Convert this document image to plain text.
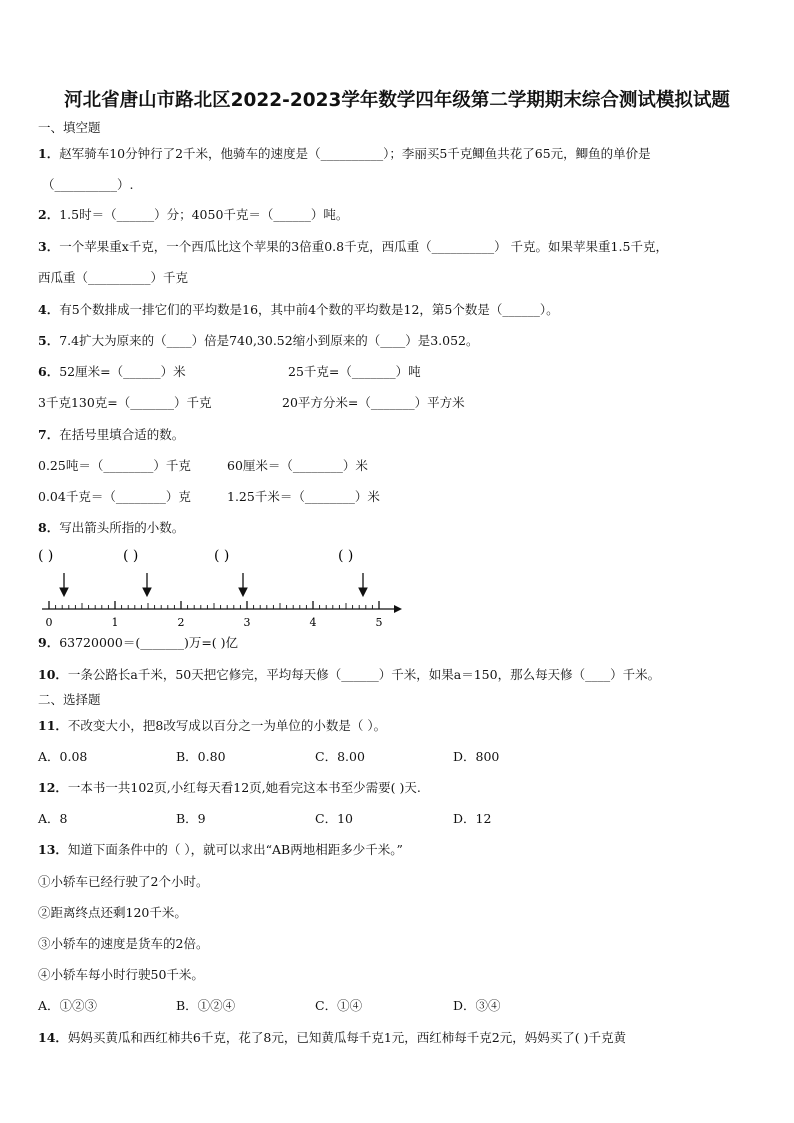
河北省唐山市路北区2022-2023学年数学四年级第二学期期末综合测试模拟试题
一、填空题
1．赵军骑车10分钟行了2千米，他骑车的速度是（__________）；李丽买5千克鲫鱼共花了65元，鲫鱼的单价是
（__________）.
2．1.5时＝（______）分；4050千克＝（______）吨。
3．一个苹果重x千克，一个西瓜比这个苹果的3倍重0.8千克，西瓜重（__________） 千克。如果苹果重1.5千克，
西瓜重（__________）千克
4．有5个数排成一排它们的平均数是16，其中前4个数的平均数是12，第5个数是（______）。
5．7.4扩大为原来的（____）倍是740,30.52缩小到原来的（____）是3.052。
6．52厘米=（______）米	25千克=（_______）吨
3千克130克=（_______）千克	20平方分米=（_______）平方米
7．在括号里填合适的数。
0.25吨＝（________）千克	60厘米＝（________）米
0.04千克＝（________）克	1.25千米＝（________）米
8．写出箭头所指的小数。
( )	( )	( )	( )
0	1	2	3	4	5
9．63720000＝(_______)万=( )亿
10．一条公路长a千米，50天把它修完，平均每天修（______）千米，如果a＝150，那么每天修（____）千米。
二、选择题
11．不改变大小，把8改写成以百分之一为单位的小数是（ ）。
A．0.08	B．0.80	C．8.00	D．800
12．一本书一共102页,小红每天看12页,她看完这本书至少需要( )天.
A．8	B．9	C．10	D．12
13．知道下面条件中的（ ），就可以求出“AB两地相距多少千米。”
①小轿车已经行驶了2个小时。
②距离终点还剩120千米。
③小轿车的速度是货车的2倍。
④小轿车每小时行驶50千米。
A．①②③	B．①②④	C．①④	D．③④
14．妈妈买黄瓜和西红柿共6千克，花了8元，已知黄瓜每千克1元，西红柿每千克2元，妈妈买了( )千克黄
